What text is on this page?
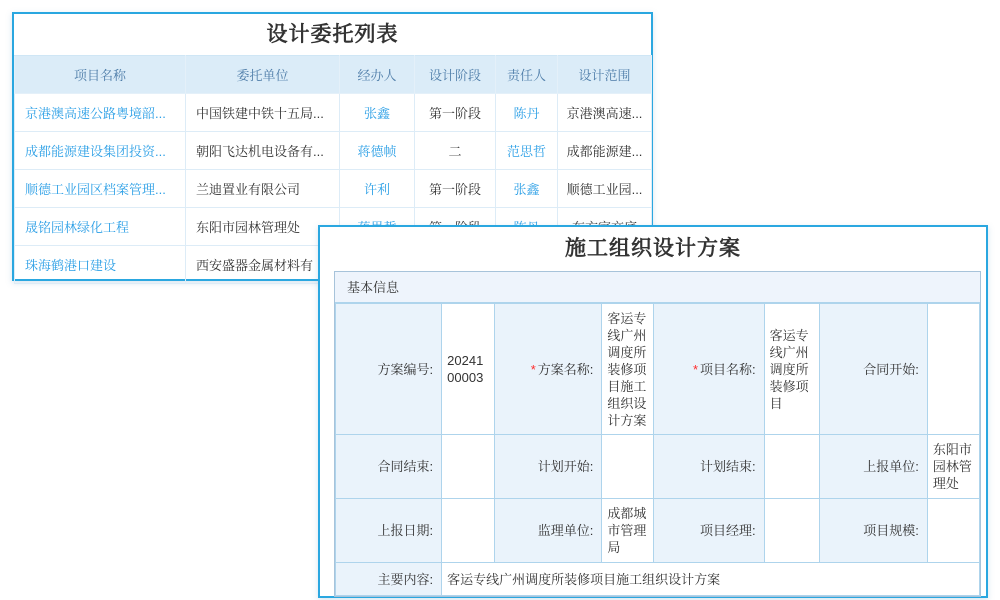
设计委托列表
项目名称	委托单位	经办人	设计阶段	责任人	设计范围
京港澳高速公路粤境韶...	中国铁建中铁十五局...	张鑫	第一阶段	陈丹	京港澳高速...
成都能源建设集团投资...	朝阳飞达机电设备有...	蒋德帧	二	范思哲	成都能源建...
顺德工业园区档案管理...	兰迪置业有限公司	许利	第一阶段	张鑫	顺德工业园...
晟铭园林绿化工程	东阳市园林管理处				
珠海鹤港口建设	西安盛器金属材料有				
施工组织设计方案
基本信息
方案编号:	2024100003	* 方案名称:	客运专线广州调度所装修项目施工组织设计方案	* 项目名称:	客运专线广州调度所装修项目	合同开始:	
合同结束:		计划开始:		计划结束:		上报单位:	东阳市园林管理处
上报日期:		监理单位:	成都城市管理局	项目经理:		项目规模:	
主要内容:	客运专线广州调度所装修项目施工组织设计方案						
